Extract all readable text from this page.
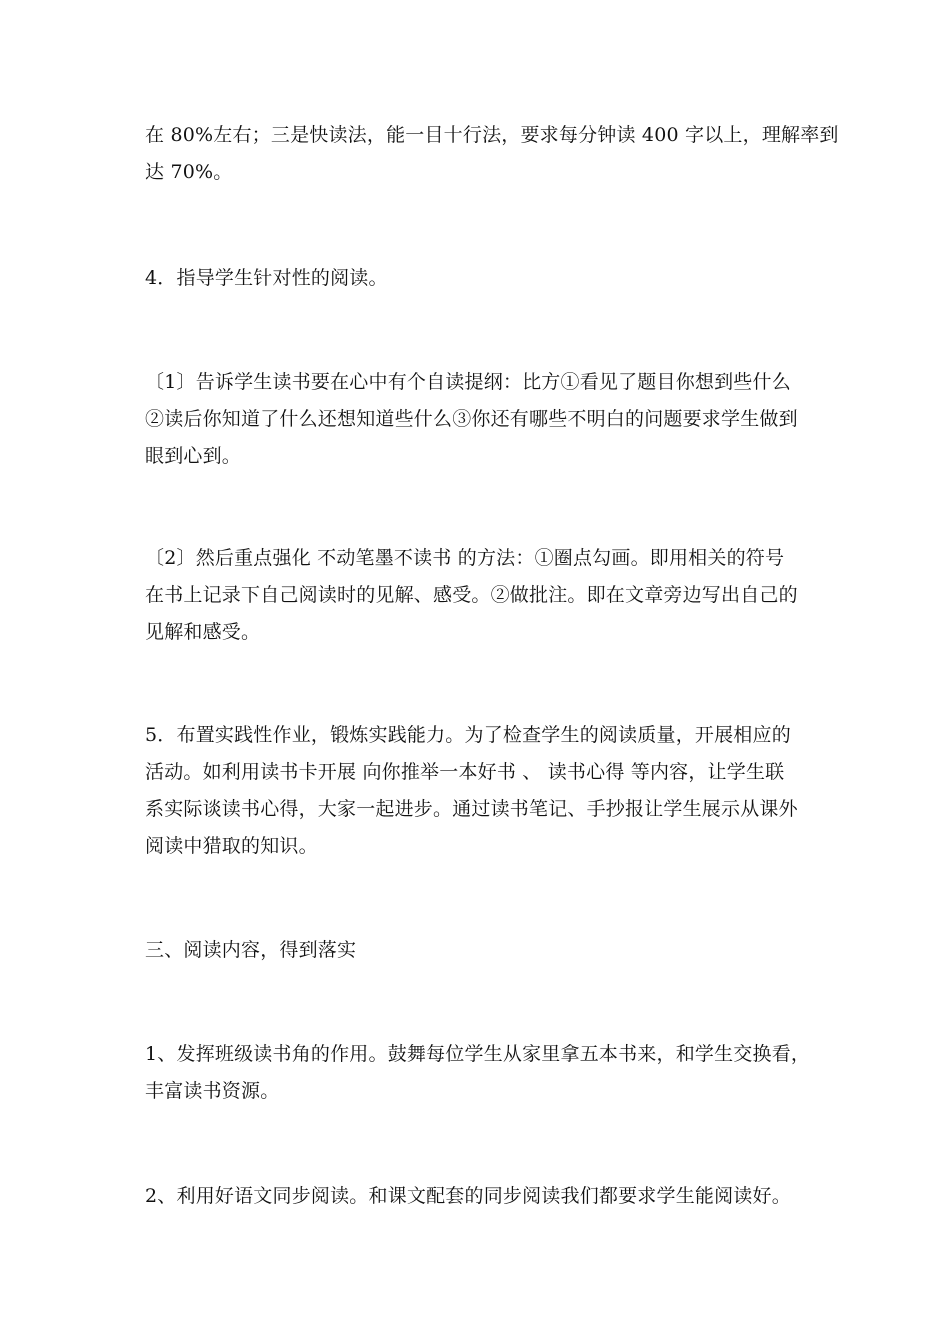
在 80%左右；三是快读法，能一目十行法，要求每分钟读 400 字以上，理解率到
达 70%。

4．指导学生针对性的阅读。

〔1〕告诉学生读书要在心中有个自读提纲：比方①看见了题目你想到些什么
②读后你知道了什么还想知道些什么③你还有哪些不明白的问题要求学生做到
眼到心到。

〔2〕然后重点强化 不动笔墨不读书 的方法：①圈点勾画。即用相关的符号
在书上记录下自己阅读时的见解、感受。②做批注。即在文章旁边写出自己的
见解和感受。

5．布置实践性作业，锻炼实践能力。为了检查学生的阅读质量，开展相应的
活动。如利用读书卡开展 向你推举一本好书 、 读书心得 等内容，让学生联
系实际谈读书心得，大家一起进步。通过读书笔记、手抄报让学生展示从课外
阅读中猎取的知识。

三、阅读内容，得到落实

1、发挥班级读书角的作用。鼓舞每位学生从家里拿五本书来，和学生交换看，
丰富读书资源。

2、利用好语文同步阅读。和课文配套的同步阅读我们都要求学生能阅读好。
